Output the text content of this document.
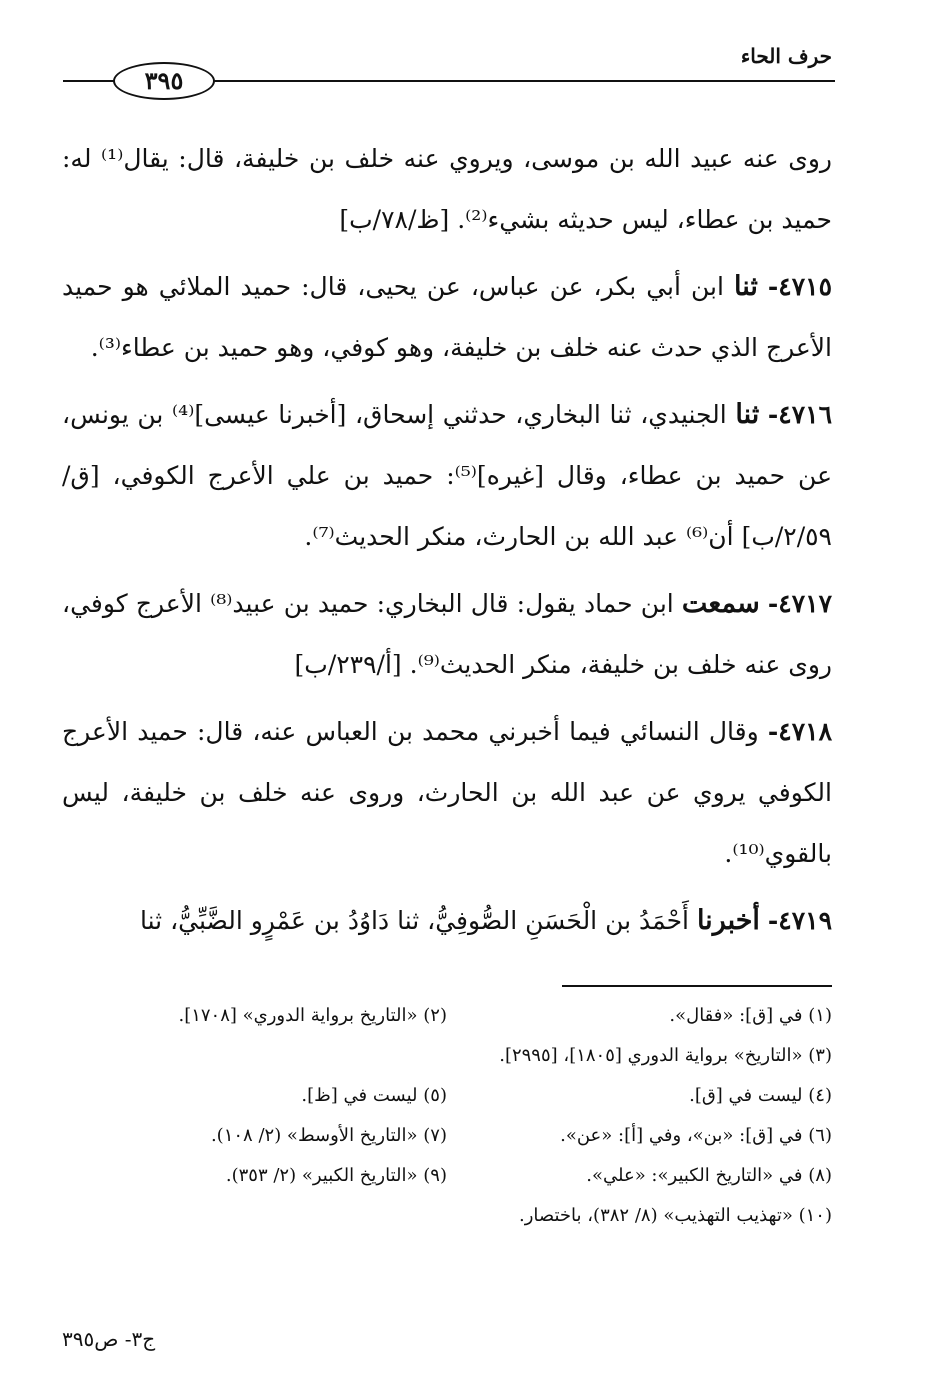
حرف الحاء
٣٩٥

روى عنه عبيد الله بن موسى، ويروي عنه خلف بن خليفة، قال: يقال⁽¹⁾ له: حميد بن عطاء، ليس حديثه بشيء⁽²⁾. [ظ/٧٨/ب]

٤٧١٥- ثنا ابن أبي بكر، عن عباس، عن يحيى، قال: حميد الملائي هو حميد الأعرج الذي حدث عنه خلف بن خليفة، وهو كوفي، وهو حميد بن عطاء⁽³⁾.

٤٧١٦- ثنا الجنيدي، ثنا البخاري، حدثني إسحاق، [أخبرنا عيسى]⁽⁴⁾ بن يونس، عن حميد بن عطاء، وقال [غيره]⁽⁵⁾: حميد بن علي الأعرج الكوفي، [ق/٢/٥٩/ب] أن⁽⁶⁾ عبد الله بن الحارث، منكر الحديث⁽⁷⁾.

٤٧١٧- سمعت ابن حماد يقول: قال البخاري: حميد بن عبيد⁽⁸⁾ الأعرج كوفي، روى عنه خلف بن خليفة، منكر الحديث⁽⁹⁾. [أ/٢٣٩/ب]

٤٧١٨- وقال النسائي فيما أخبرني محمد بن العباس عنه، قال: حميد الأعرج الكوفي يروي عن عبد الله بن الحارث، وروى عنه خلف بن خليفة، ليس بالقوي⁽¹⁰⁾.

٤٧١٩- أخبرنا أَحْمَدُ بن الْحَسَنِ الصُّوفِيُّ، ثنا دَاوُدُ بن عَمْرٍو الضَّبِّيُّ، ثنا

(١) في [ق]: «فقال».
(٢) «التاريخ برواية الدوري» [١٧٠٨].
(٣) «التاريخ» برواية الدوري [١٨٠٥]، [٢٩٩٥].
(٤) ليست في [ق].
(٥) ليست في [ظ].
(٦) في [ق]: «بن»، وفي [أ]: «عن».
(٧) «التاريخ الأوسط» (٢/ ١٠٨).
(٨) في «التاريخ الكبير»: «علي».
(٩) «التاريخ الكبير» (٢/ ٣٥٣).
(١٠) «تهذيب التهذيب» (٨/ ٣٨٢)، باختصار.
ج٣- ص٣٩٥
